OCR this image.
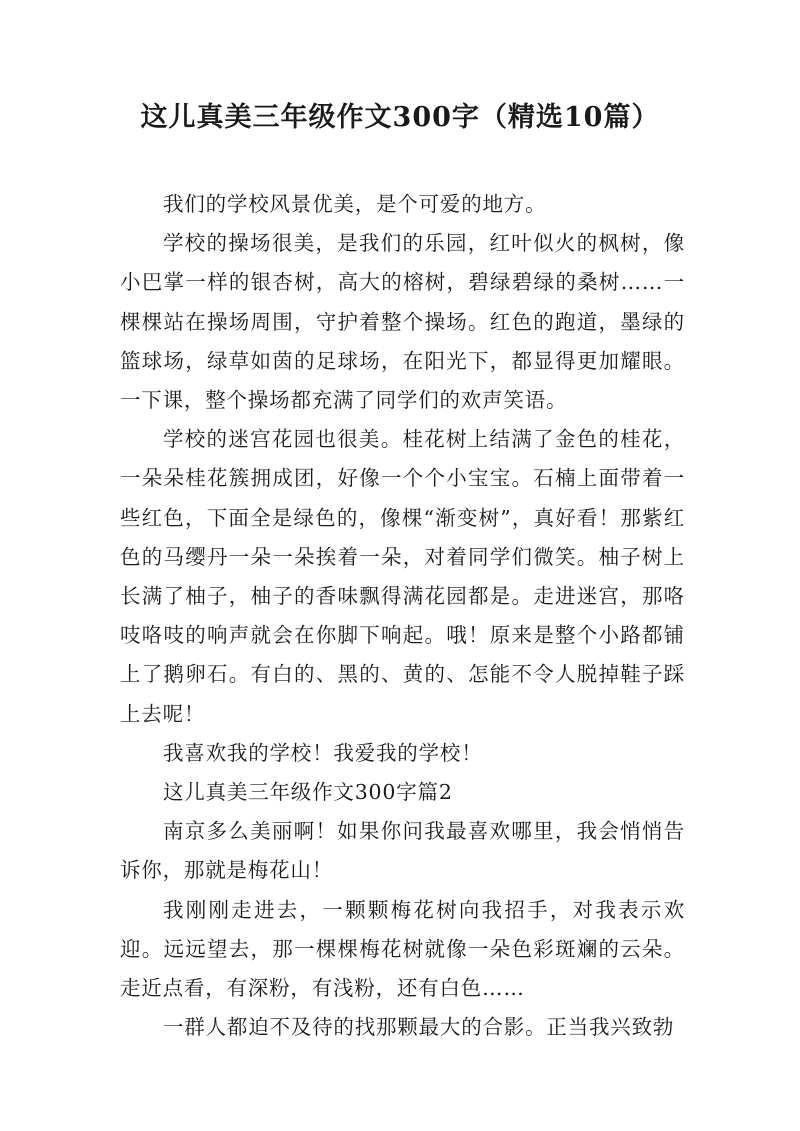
这儿真美三年级作文300字（精选10篇）

我们的学校风景优美，是个可爱的地方。

学校的操场很美，是我们的乐园，红叶似火的枫树，像小巴掌一样的银杏树，高大的榕树，碧绿碧绿的桑树……一棵棵站在操场周围，守护着整个操场。红色的跑道，墨绿的篮球场，绿草如茵的足球场，在阳光下，都显得更加耀眼。一下课，整个操场都充满了同学们的欢声笑语。

学校的迷宫花园也很美。桂花树上结满了金色的桂花，一朵朵桂花簇拥成团，好像一个个小宝宝。石楠上面带着一些红色，下面全是绿色的，像棵“渐变树”，真好看！那紫红色的马缨丹一朵一朵挨着一朵，对着同学们微笑。柚子树上长满了柚子，柚子的香味飘得满花园都是。走进迷宫，那咯吱咯吱的响声就会在你脚下响起。哦！原来是整个小路都铺上了鹅卵石。有白的、黑的、黄的、怎能不令人脱掉鞋子踩上去呢！

我喜欢我的学校！我爱我的学校！

这儿真美三年级作文300字篇2

南京多么美丽啊！如果你问我最喜欢哪里，我会悄悄告诉你，那就是梅花山！

我刚刚走进去，一颗颗梅花树向我招手，对我表示欢迎。远远望去，那一棵棵梅花树就像一朵色彩斑斓的云朵。走近点看，有深粉，有浅粉，还有白色……

一群人都迫不及待的找那颗最大的合影。正当我兴致勃
